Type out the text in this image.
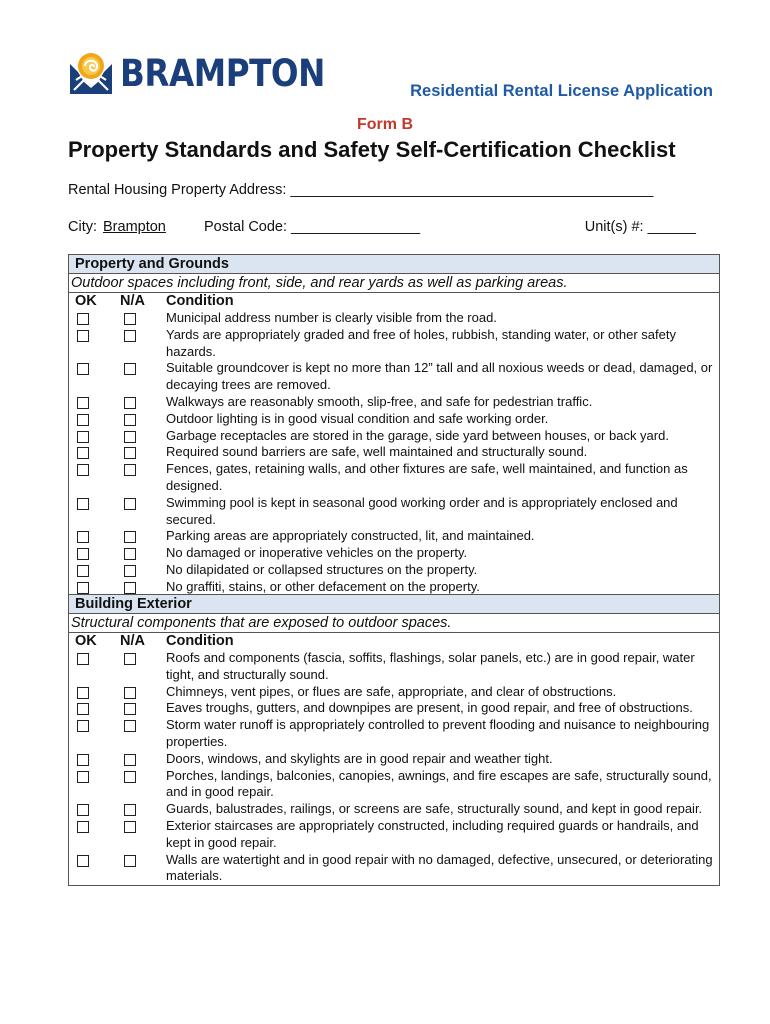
BRAMPTON	Residential Rental License Application
Form B
Property Standards and Safety Self-Certification Checklist
Rental Housing Property Address: _____________________________________________
City: Brampton	Postal Code: ________________	Unit(s) #: ______
Property and Grounds
Outdoor spaces including front, side, and rear yards as well as parking areas.
OK N/A Condition
Municipal address number is clearly visible from the road.
Yards are appropriately graded and free of holes, rubbish, standing water, or other safety hazards.
Suitable groundcover is kept no more than 12” tall and all noxious weeds or dead, damaged, or decaying trees are removed.
Walkways are reasonably smooth, slip-free, and safe for pedestrian traffic.
Outdoor lighting is in good visual condition and safe working order.
Garbage receptacles are stored in the garage, side yard between houses, or back yard.
Required sound barriers are safe, well maintained and structurally sound.
Fences, gates, retaining walls, and other fixtures are safe, well maintained, and function as designed.
Swimming pool is kept in seasonal good working order and is appropriately enclosed and secured.
Parking areas are appropriately constructed, lit, and maintained.
No damaged or inoperative vehicles on the property.
No dilapidated or collapsed structures on the property.
No graffiti, stains, or other defacement on the property.
Building Exterior
Structural components that are exposed to outdoor spaces.
OK N/A Condition
Roofs and components (fascia, soffits, flashings, solar panels, etc.) are in good repair, water tight, and structurally sound.
Chimneys, vent pipes, or flues are safe, appropriate, and clear of obstructions.
Eaves troughs, gutters, and downpipes are present, in good repair, and free of obstructions.
Storm water runoff is appropriately controlled to prevent flooding and nuisance to neighbouring properties.
Doors, windows, and skylights are in good repair and weather tight.
Porches, landings, balconies, canopies, awnings, and fire escapes are safe, structurally sound, and in good repair.
Guards, balustrades, railings, or screens are safe, structurally sound, and kept in good repair.
Exterior staircases are appropriately constructed, including required guards or handrails, and kept in good repair.
Walls are watertight and in good repair with no damaged, defective, unsecured, or deteriorating materials.
